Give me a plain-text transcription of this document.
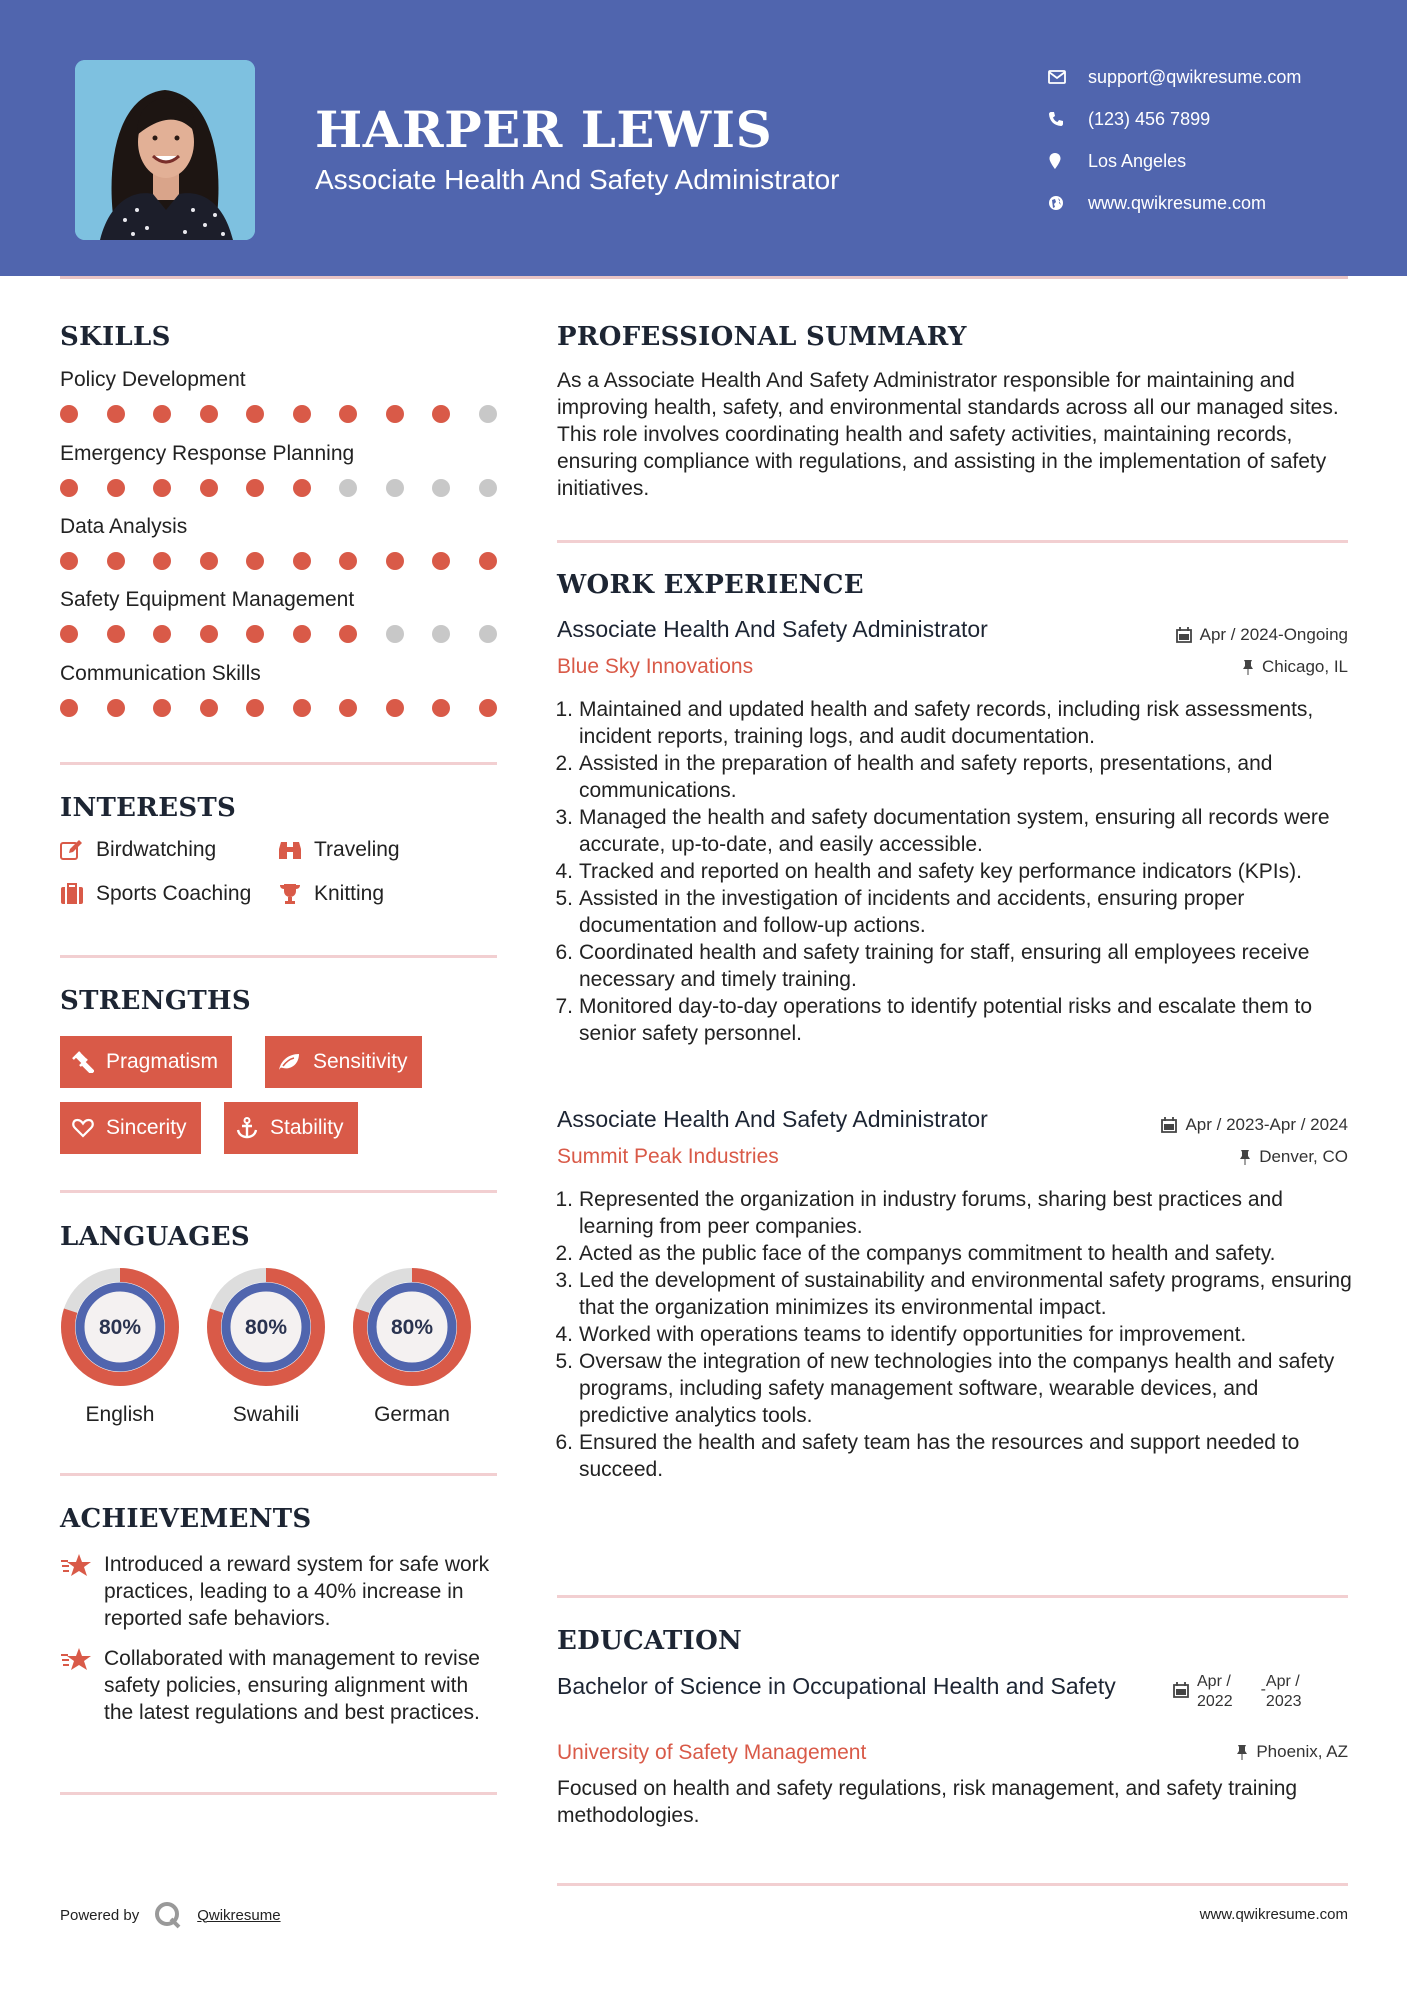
HARPER LEWIS
Associate Health And Safety Administrator
support@qwikresume.com
(123) 456 7899
Los Angeles
www.qwikresume.com
SKILLS
Policy Development
Emergency Response Planning
Data Analysis
Safety Equipment Management
Communication Skills
INTERESTS
Birdwatching	Traveling
Sports Coaching	Knitting
STRENGTHS
Pragmatism	Sensitivity
Sincerity	Stability
LANGUAGES
80%
English
80%
Swahili
80%
German
ACHIEVEMENTS
Introduced a reward system for safe work practices, leading to a 40% increase in reported safe behaviors.
Collaborated with management to revise safety policies, ensuring alignment with the latest regulations and best practices.
PROFESSIONAL SUMMARY
As a Associate Health And Safety Administrator responsible for maintaining and improving health, safety, and environmental standards across all our managed sites. This role involves coordinating health and safety activities, maintaining records, ensuring compliance with regulations, and assisting in the implementation of safety initiatives.
WORK EXPERIENCE
Associate Health And Safety Administrator	Apr / 2024-Ongoing
Blue Sky Innovations	Chicago, IL
1. Maintained and updated health and safety records, including risk assessments, incident reports, training logs, and audit documentation.
2. Assisted in the preparation of health and safety reports, presentations, and communications.
3. Managed the health and safety documentation system, ensuring all records were accurate, up-to-date, and easily accessible.
4. Tracked and reported on health and safety key performance indicators (KPIs).
5. Assisted in the investigation of incidents and accidents, ensuring proper documentation and follow-up actions.
6. Coordinated health and safety training for staff, ensuring all employees receive necessary and timely training.
7. Monitored day-to-day operations to identify potential risks and escalate them to senior safety personnel.
Associate Health And Safety Administrator	Apr / 2023-Apr / 2024
Summit Peak Industries	Denver, CO
1. Represented the organization in industry forums, sharing best practices and learning from peer companies.
2. Acted as the public face of the companys commitment to health and safety.
3. Led the development of sustainability and environmental safety programs, ensuring that the organization minimizes its environmental impact.
4. Worked with operations teams to identify opportunities for improvement.
5. Oversaw the integration of new technologies into the companys health and safety programs, including safety management software, wearable devices, and predictive analytics tools.
6. Ensured the health and safety team has the resources and support needed to succeed.
EDUCATION
Bachelor of Science in Occupational Health and Safety	Apr /
2022
- Apr /
2023
University of Safety Management	Phoenix, AZ
Focused on health and safety regulations, risk management, and safety training methodologies.
Powered by	Qwikresume	www.qwikresume.com
